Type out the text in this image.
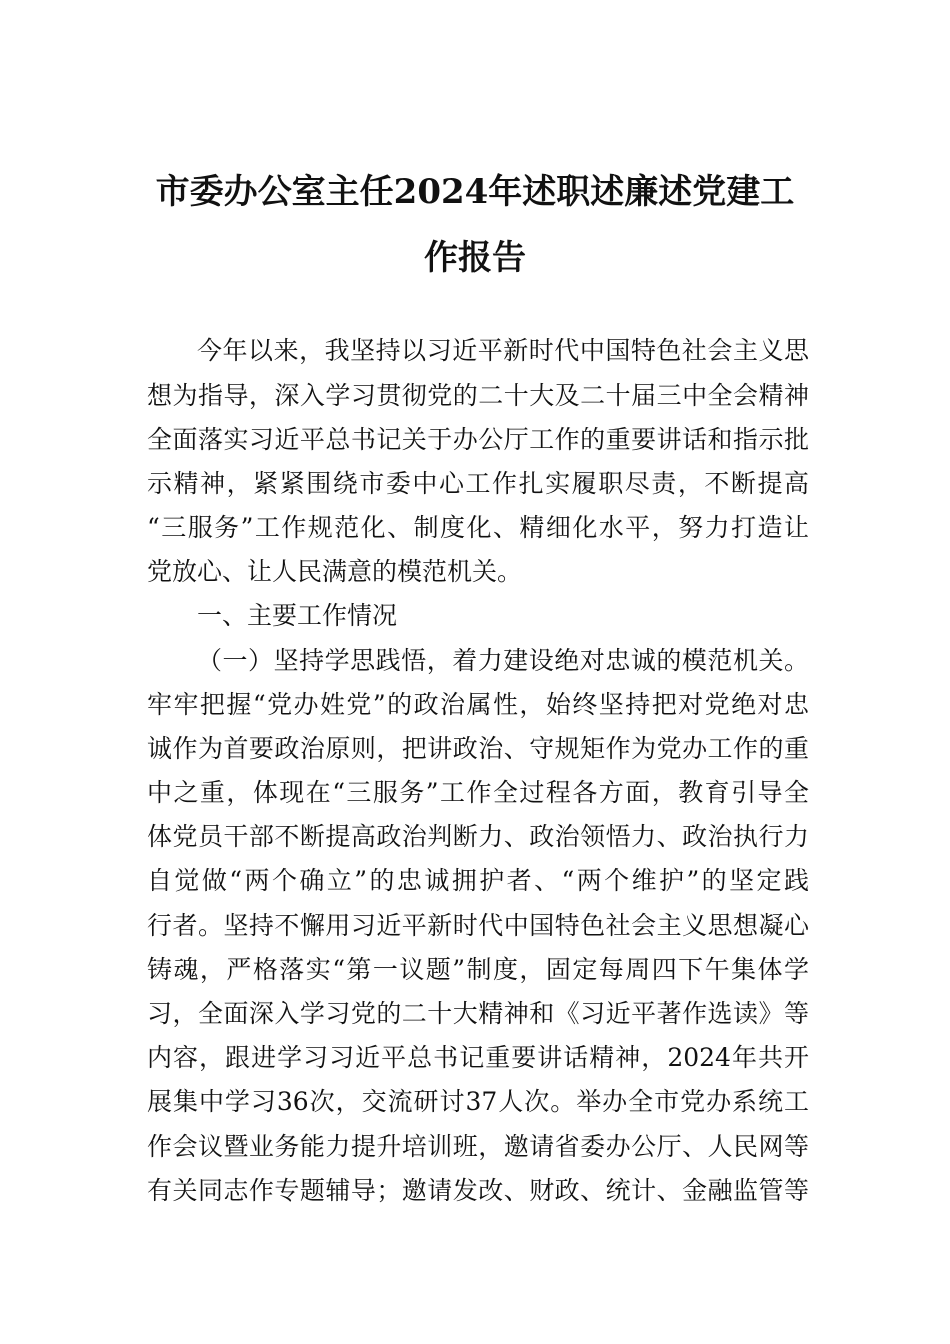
市委办公室主任2024年述职述廉述党建工
作报告
今年以来，我坚持以习近平新时代中国特色社会主义思
想为指导，深入学习贯彻党的二十大及二十届三中全会精神
全面落实习近平总书记关于办公厅工作的重要讲话和指示批
示精神，紧紧围绕市委中心工作扎实履职尽责，不断提高
“三服务”工作规范化、制度化、精细化水平，努力打造让
党放心、让人民满意的模范机关。
一、主要工作情况
（一）坚持学思践悟，着力建设绝对忠诚的模范机关。
牢牢把握“党办姓党”的政治属性，始终坚持把对党绝对忠
诚作为首要政治原则，把讲政治、守规矩作为党办工作的重
中之重，体现在“三服务”工作全过程各方面，教育引导全
体党员干部不断提高政治判断力、政治领悟力、政治执行力
自觉做“两个确立”的忠诚拥护者、“两个维护”的坚定践
行者。坚持不懈用习近平新时代中国特色社会主义思想凝心
铸魂，严格落实“第一议题”制度，固定每周四下午集体学
习，全面深入学习党的二十大精神和《习近平著作选读》等
内容，跟进学习习近平总书记重要讲话精神，2024年共开
展集中学习36次，交流研讨37人次。举办全市党办系统工
作会议暨业务能力提升培训班，邀请省委办公厅、人民网等
有关同志作专题辅导；邀请发改、财政、统计、金融监管等
